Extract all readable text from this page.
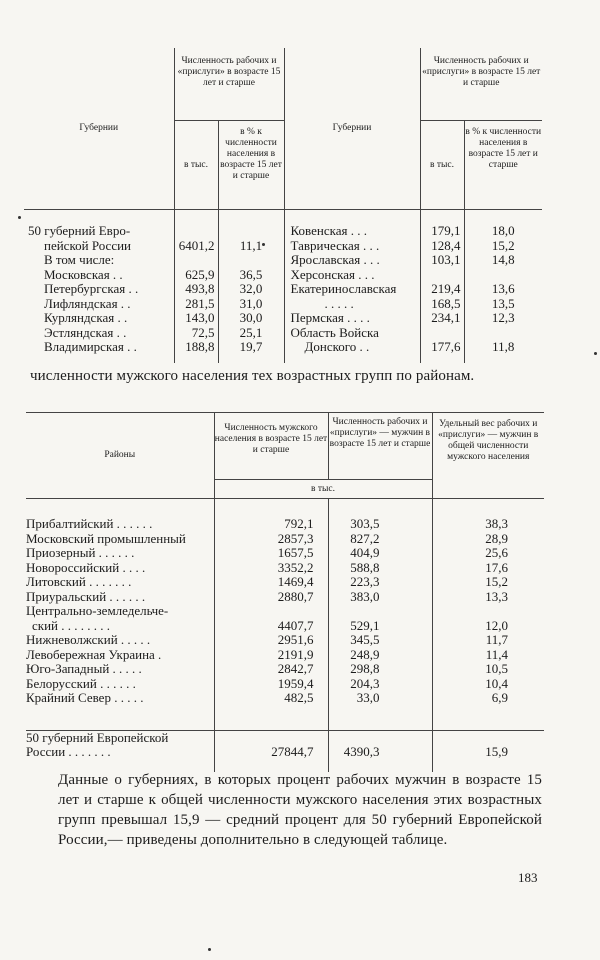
Губернии	Численность рабочих и «прислуги» в возрасте 15 лет и старше		Губернии	Численность рабочих и «прислуги» в возрасте 15 лет и старше	
	в тыс.	в % к численности населения в возрасте 15 лет и старше		в тыс.	в % к численности населения в возрасте 15 лет и старше

50 губерний Евро-			Ковенская . . .	179,1	18,0
пейской России	6401,2	11,1	Таврическая . . .	128,4	15,2
В том числе:			Ярославская . . .	103,1	14,8
Московская . .	625,9	36,5	Херсонская . . .		
Петербургская . .	493,8	32,0	Екатеринославская	219,4	13,6
Лифляндская . .	281,5	31,0	. . . . .	168,5	13,5
Курляндская . .	143,0	30,0	Пермская . . . .	234,1	12,3
Эстляндская . .	72,5	25,1	Область Войска		
Владимирская . .	188,8	19,7	Донского . .	177,6	11,8

численности мужского населения тех возрастных групп по районам.
Районы	Численность мужского населения в возрасте 15 лет и старше	Численность рабочих и «прислуги» — мужчин в возрасте 15 лет и старше	Удельный вес рабочих и «прислуги» — мужчин в общей численности мужского населения
	в тыс.		

Прибалтийский . . . . . .	792,1	303,5	38,3
Московский промышленный	2857,3	827,2	28,9
Приозерный . . . . . .	1657,5	404,9	25,6
Новороссийский . . . .	3352,2	588,8	17,6
Литовский . . . . . . .	1469,4	223,3	15,2
Приуральский . . . . . .	2880,7	383,0	13,3
Центрально-земледельче-			
ский . . . . . . . .	4407,7	529,1	12,0
Нижневолжский . . . . .	2951,6	345,5	11,7
Левобережная Украина .	2191,9	248,9	11,4
Юго-Западный . . . . .	2842,7	298,8	10,5
Белорусский . . . . . .	1959,4	204,3	10,4
Крайний Север . . . . .	482,5	33,0	6,9

50 губерний Европейской			
России . . . . . . .	27844,7	4390,3	15,9

Данные о губерниях, в которых процент рабочих мужчин в возрасте 15 лет и старше к общей численности мужского населения этих возрастных групп превышал 15,9 — средний процент для 50 губерний Европейской России,— приведены дополнительно в следующей таблице.
183
